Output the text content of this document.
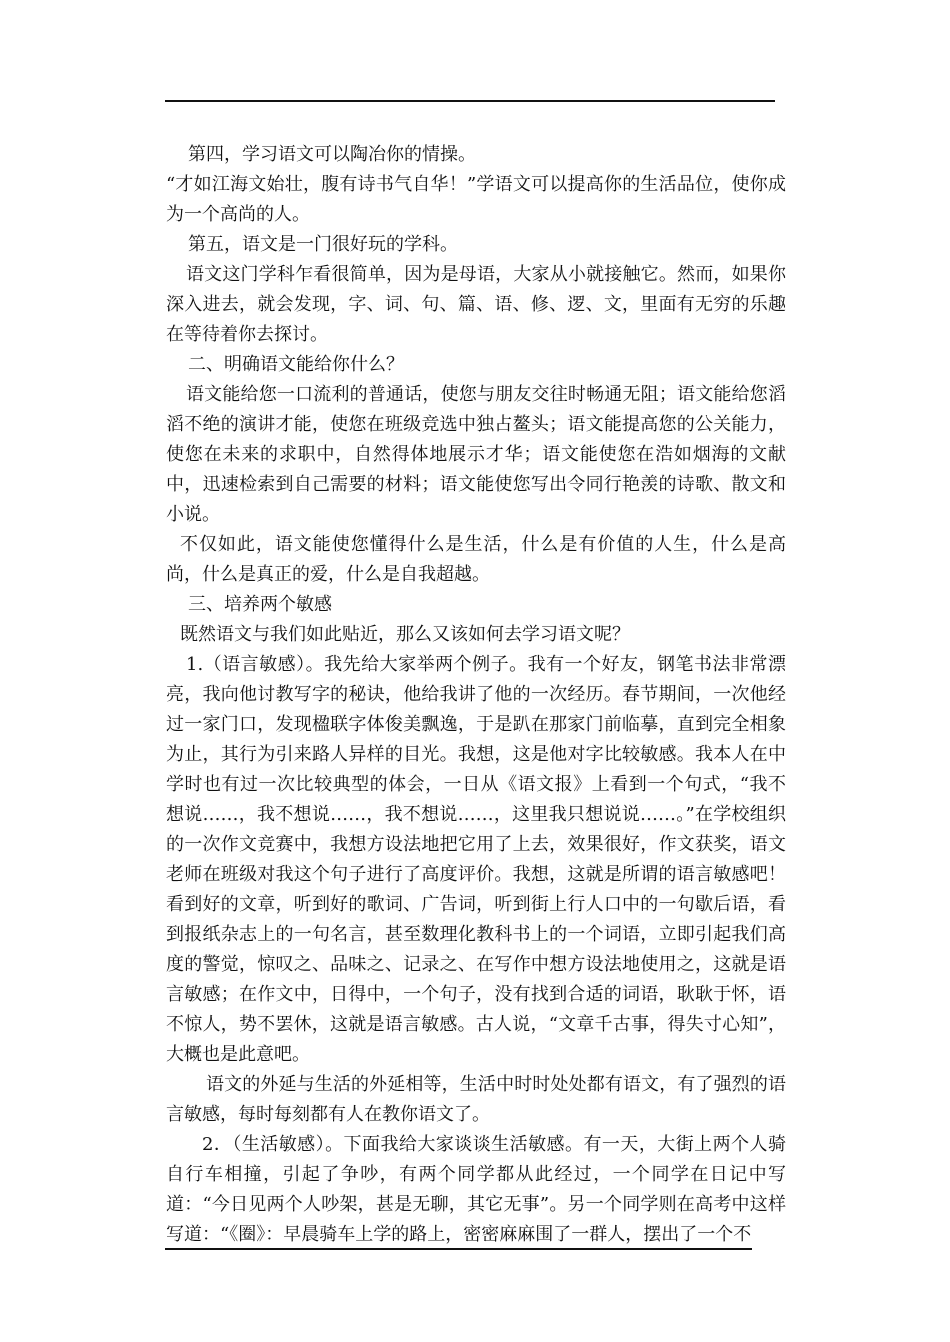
第四，学习语文可以陶冶你的情操。

“才如江海文始壮，腹有诗书气自华！”学语文可以提高你的生活品位，使你成为一个高尚的人。

第五，语文是一门很好玩的学科。

语文这门学科乍看很简单，因为是母语，大家从小就接触它。然而，如果你深入进去，就会发现，字、词、句、篇、语、修、逻、文，里面有无穷的乐趣在等待着你去探讨。

二、明确语文能给你什么？

语文能给您一口流利的普通话，使您与朋友交往时畅通无阻；语文能给您滔滔不绝的演讲才能，使您在班级竞选中独占鳌头；语文能提高您的公关能力，使您在未来的求职中，自然得体地展示才华；语文能使您在浩如烟海的文献中，迅速检索到自己需要的材料；语文能使您写出令同行艳羡的诗歌、散文和小说。

不仅如此，语文能使您懂得什么是生活，什么是有价值的人生，什么是高尚，什么是真正的爱，什么是自我超越。

三、培养两个敏感

既然语文与我们如此贴近，那么又该如何去学习语文呢？

1.（语言敏感）。我先给大家举两个例子。我有一个好友，钢笔书法非常漂亮，我向他讨教写字的秘诀，他给我讲了他的一次经历。春节期间，一次他经过一家门口，发现楹联字体俊美飘逸，于是趴在那家门前临摹，直到完全相象为止，其行为引来路人异样的目光。我想，这是他对字比较敏感。我本人在中学时也有过一次比较典型的体会，一日从《语文报》上看到一个句式，“我不想说……，我不想说……，我不想说……，这里我只想说说……。”在学校组织的一次作文竞赛中，我想方设法地把它用了上去，效果很好，作文获奖，语文老师在班级对我这个句子进行了高度评价。我想，这就是所谓的语言敏感吧！看到好的文章，听到好的歌词、广告词，听到街上行人口中的一句歇后语，看到报纸杂志上的一句名言，甚至数理化教科书上的一个词语，立即引起我们高度的警觉，惊叹之、品味之、记录之、在写作中想方设法地使用之，这就是语言敏感；在作文中，日得中，一个句子，没有找到合适的词语，耿耿于怀，语不惊人，势不罢休，这就是语言敏感。古人说，“文章千古事，得失寸心知”，大概也是此意吧。

语文的外延与生活的外延相等，生活中时时处处都有语文，有了强烈的语言敏感，每时每刻都有人在教你语文了。

2．（生活敏感）。下面我给大家谈谈生活敏感。有一天，大街上两个人骑自行车相撞，引起了争吵，有两个同学都从此经过，一个同学在日记中写道：“今日见两个人吵架，甚是无聊，其它无事”。另一个同学则在高考中这样写道：“《圈》：早晨骑车上学的路上，密密麻麻围了一群人，摆出了一个不
